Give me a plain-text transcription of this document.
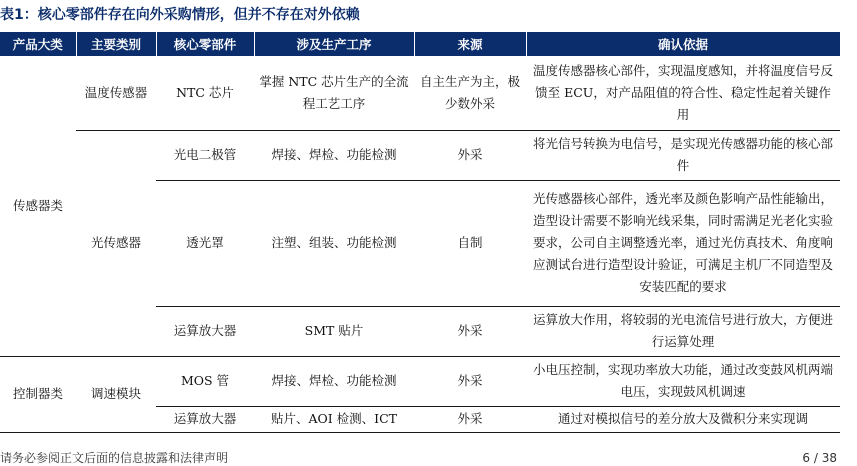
表1：核心零部件存在向外采购情形，但并不存在对外依赖
产品大类	主要类别	核心零部件	涉及生产工序	来源	确认依据
传感器类	温度传感器	NTC 芯片	掌握 NTC 芯片生产的全流程工艺工序	自主生产为主，极少数外采	温度传感器核心部件，实现温度感知，并将温度信号反馈至 ECU，对产品阻值的符合性、稳定性起着关键作用
	光传感器	光电二极管	焊接、焊检、功能检测	外采	将光信号转换为电信号，是实现光传感器功能的核心部件
		透光罩	注塑、组装、功能检测	自制	光传感器核心部件，透光率及颜色影响产品性能输出，造型设计需要不影响光线采集，同时需满足光老化实验要求，公司自主调整透光率，通过光仿真技术、角度响应测试台进行造型设计验证，可满足主机厂不同造型及安装匹配的要求
		运算放大器	SMT 贴片	外采	运算放大作用，将较弱的光电流信号进行放大，方便进行运算处理
控制器类	调速模块	MOS 管	焊接、焊检、功能检测	外采	小电压控制，实现功率放大功能，通过改变鼓风机两端电压，实现鼓风机调速
		运算放大器	贴片、AOI 检测、ICT	外采	通过对模拟信号的差分放大及微积分来实现调
请务必参阅正文后面的信息披露和法律声明	6 / 38
